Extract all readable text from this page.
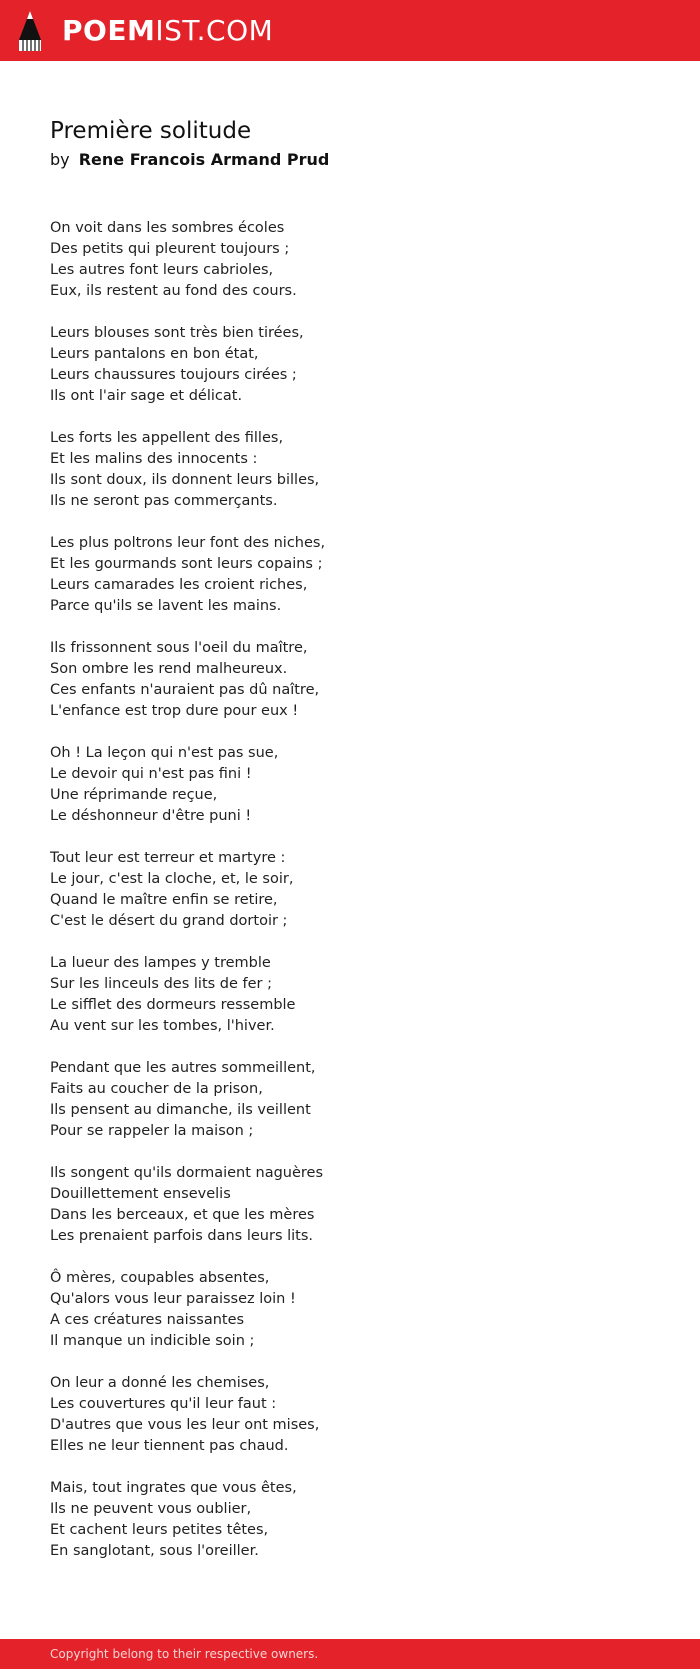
POEMIST.COM
Première solitude
by Rene Francois Armand Prud
On voit dans les sombres écoles
Des petits qui pleurent toujours ;
Les autres font leurs cabrioles,
Eux, ils restent au fond des cours.
Leurs blouses sont très bien tirées,
Leurs pantalons en bon état,
Leurs chaussures toujours cirées ;
Ils ont l'air sage et délicat.
Les forts les appellent des filles,
Et les malins des innocents :
Ils sont doux, ils donnent leurs billes,
Ils ne seront pas commerçants.
Les plus poltrons leur font des niches,
Et les gourmands sont leurs copains ;
Leurs camarades les croient riches,
Parce qu'ils se lavent les mains.
Ils frissonnent sous l'oeil du maître,
Son ombre les rend malheureux.
Ces enfants n'auraient pas dû naître,
L'enfance est trop dure pour eux !
Oh ! La leçon qui n'est pas sue,
Le devoir qui n'est pas fini !
Une réprimande reçue,
Le déshonneur d'être puni !
Tout leur est terreur et martyre :
Le jour, c'est la cloche, et, le soir,
Quand le maître enfin se retire,
C'est le désert du grand dortoir ;
La lueur des lampes y tremble
Sur les linceuls des lits de fer ;
Le sifflet des dormeurs ressemble
Au vent sur les tombes, l'hiver.
Pendant que les autres sommeillent,
Faits au coucher de la prison,
Ils pensent au dimanche, ils veillent
Pour se rappeler la maison ;
Ils songent qu'ils dormaient naguères
Douillettement ensevelis
Dans les berceaux, et que les mères
Les prenaient parfois dans leurs lits.
Ô mères, coupables absentes,
Qu'alors vous leur paraissez loin !
A ces créatures naissantes
Il manque un indicible soin ;
On leur a donné les chemises,
Les couvertures qu'il leur faut :
D'autres que vous les leur ont mises,
Elles ne leur tiennent pas chaud.
Mais, tout ingrates que vous êtes,
Ils ne peuvent vous oublier,
Et cachent leurs petites têtes,
En sanglotant, sous l'oreiller.
Copyright belong to their respective owners.
